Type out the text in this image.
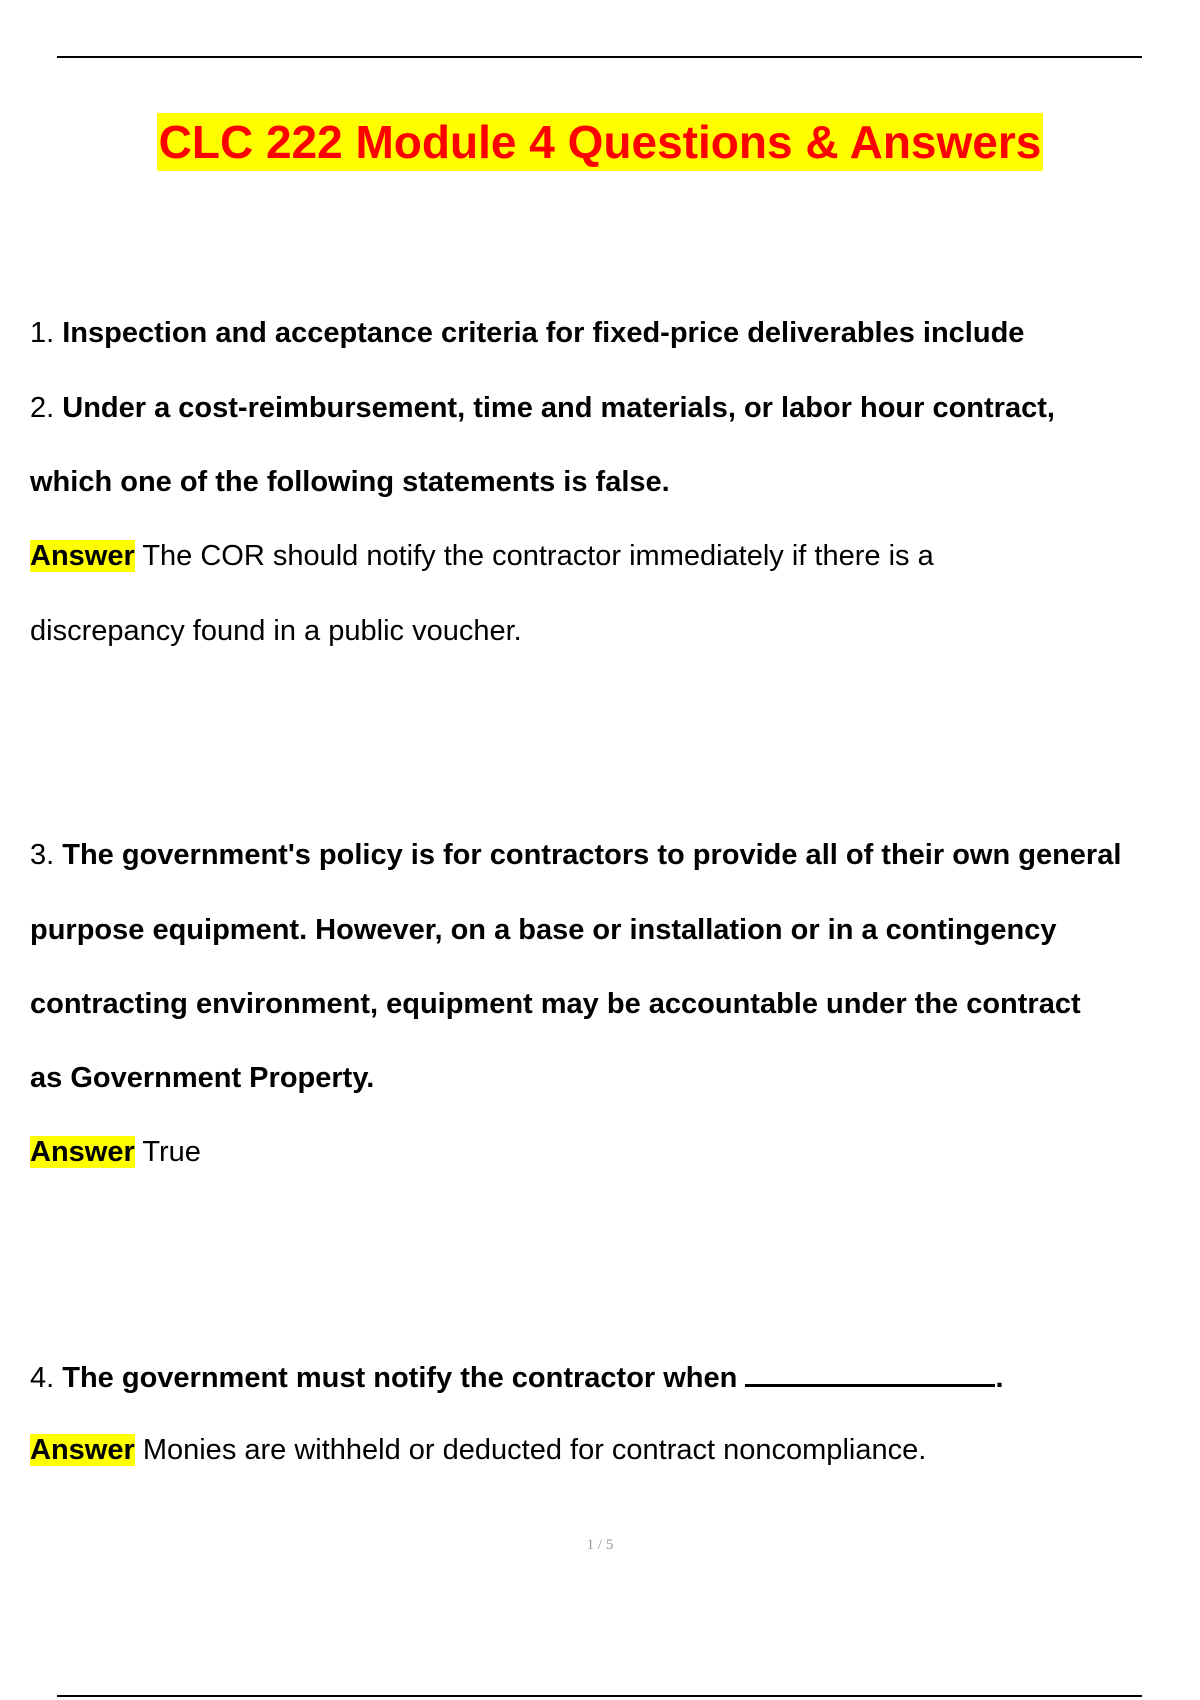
CLC 222 Module 4 Questions & Answers
1. Inspection and acceptance criteria for fixed-price deliverables include
2. Under a cost-reimbursement, time and materials, or labor hour contract,
which one of the following statements is false.
Answer The COR should notify the contractor immediately if there is a
discrepancy found in a public voucher.
3. The government's policy is for contractors to provide all of their own general
purpose equipment. However, on a base or installation or in a contingency
contracting environment, equipment may be accountable under the contract
as Government Property.
Answer True
4. The government must notify the contractor when	.
Answer Monies are withheld or deducted for contract noncompliance.
1 / 5
